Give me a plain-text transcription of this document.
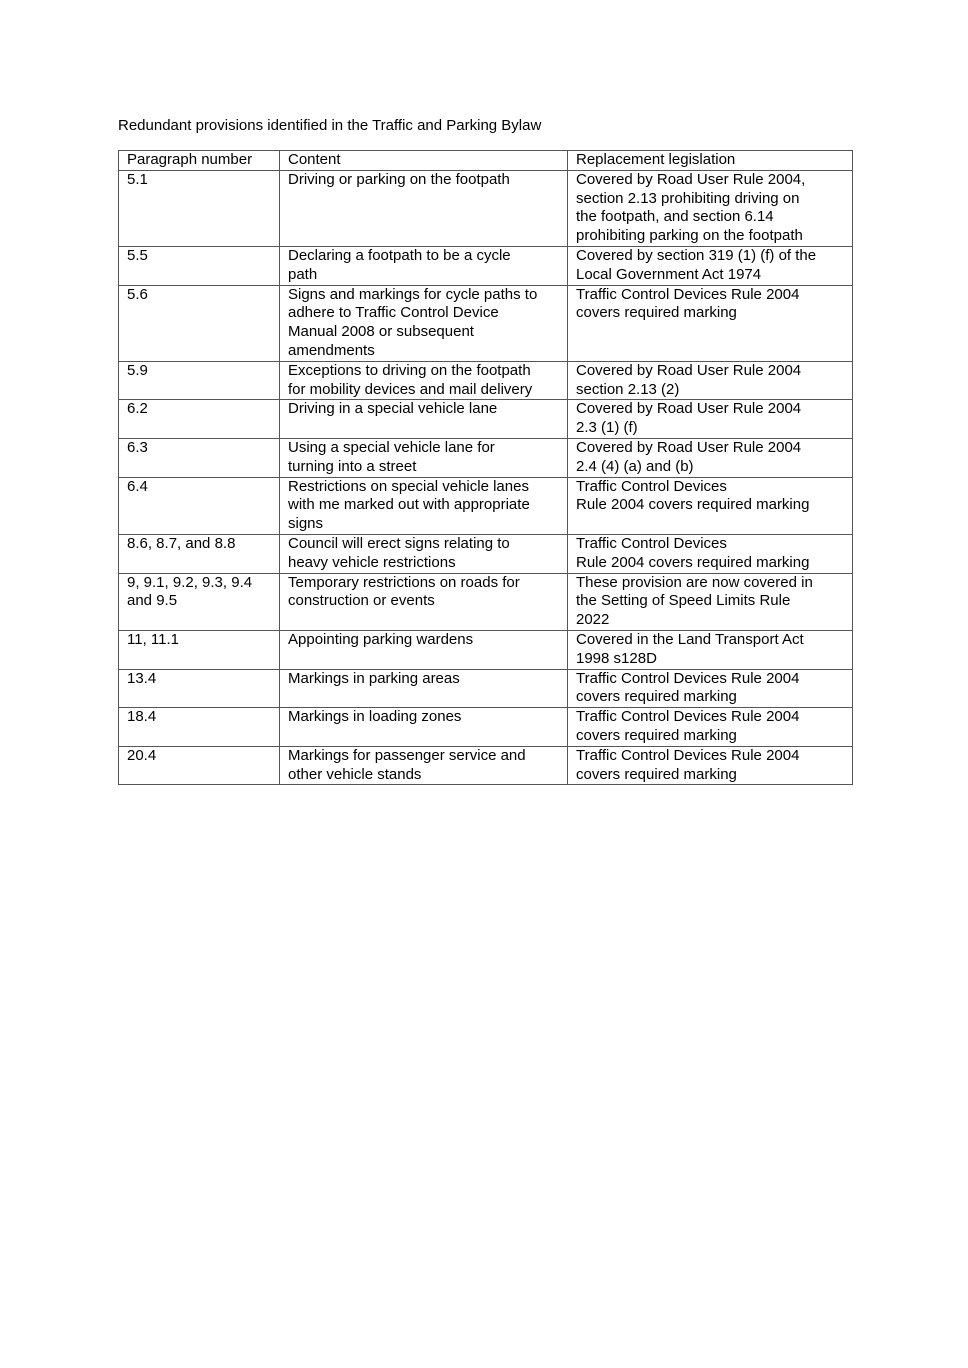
Redundant provisions identified in the Traffic and Parking Bylaw
Paragraph number	Content	Replacement legislation

5.1	Driving or parking on the footpath	Covered by Road User Rule 2004,
section 2.13 prohibiting driving on
the footpath, and section 6.14
prohibiting parking on the footpath

5.5	Declaring a footpath to be a cycle
path	Covered by section 319 (1) (f) of the
Local Government Act 1974

5.6	Signs and markings for cycle paths to
adhere to Traffic Control Device
Manual 2008 or subsequent
amendments	Traffic Control Devices Rule 2004
covers required marking

5.9	Exceptions to driving on the footpath
for mobility devices and mail delivery	Covered by Road User Rule 2004
section 2.13 (2)

6.2	Driving in a special vehicle lane	Covered by Road User Rule 2004
2.3 (1) (f)

6.3	Using a special vehicle lane for
turning into a street	Covered by Road User Rule 2004
2.4 (4) (a) and (b)

6.4	Restrictions on special vehicle lanes
with me marked out with appropriate
signs	Traffic Control Devices
Rule 2004 covers required marking

8.6, 8.7, and 8.8	Council will erect signs relating to
heavy vehicle restrictions	Traffic Control Devices
Rule 2004 covers required marking

9, 9.1, 9.2, 9.3, 9.4
and 9.5	Temporary restrictions on roads for
construction or events	These provision are now covered in
the Setting of Speed Limits Rule
2022

11, 11.1	Appointing parking wardens	Covered in the Land Transport Act
1998 s128D

13.4	Markings in parking areas	Traffic Control Devices Rule 2004
covers required marking

18.4	Markings in loading zones	Traffic Control Devices Rule 2004
covers required marking

20.4	Markings for passenger service and
other vehicle stands	Traffic Control Devices Rule 2004
covers required marking
